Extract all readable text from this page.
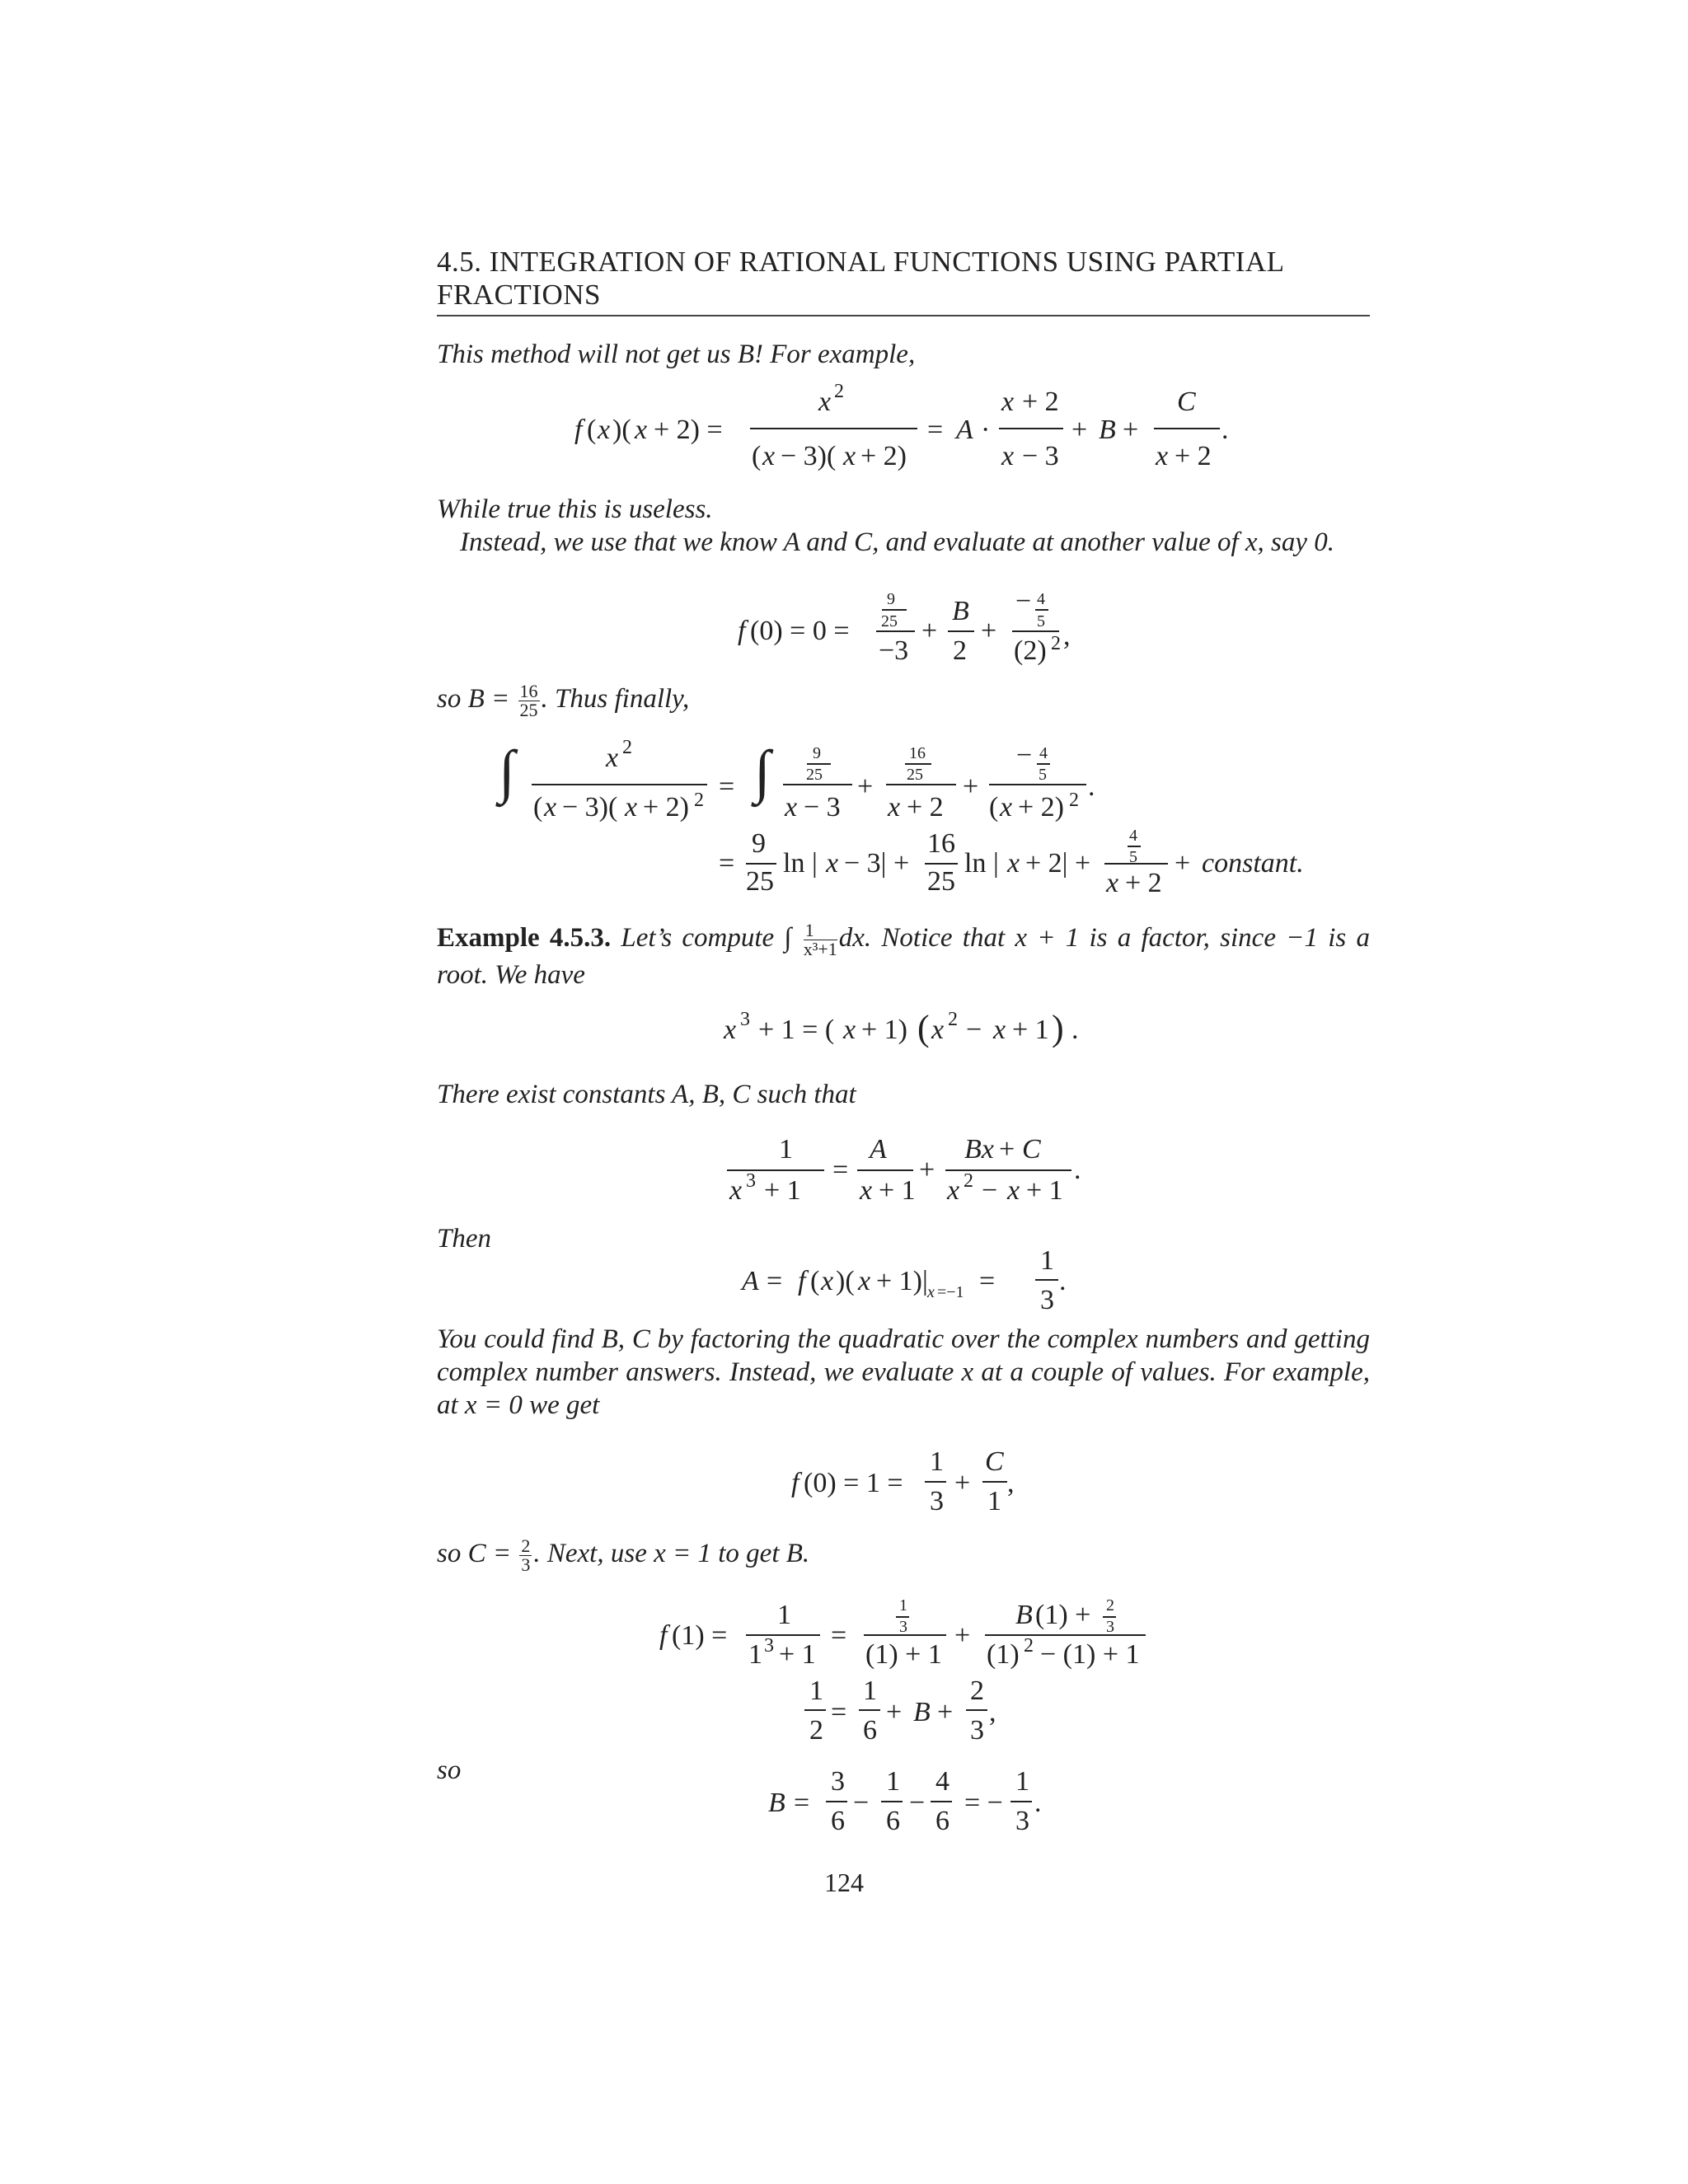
4.5. INTEGRATION OF RATIONAL FUNCTIONS USING PARTIAL
FRACTIONS
This method will not get us B! For example,
While true this is useless.
Instead, we use that we know A and C, and evaluate at another value of x, say 0.
so $B = \frac{16}{25}$ . Thus finally,
Example 4.5.3. Let’s compute ∫ $\frac{1}{\text{x³+1}}$ dx. Notice that x + 1 is a factor, since −1 is a root. We have
There exist constants A, B, C such that
Then
You could find B, C by factoring the quadratic over the complex numbers and getting complex number answers. Instead, we evaluate x at a couple of values. For example, at x = 0 we get
so $C = \frac{2}{3}$ . Next, use x = 1 to get B.
so
f ( x )( x + 2) =
x 2
( x − 3)( x + 2)
= A ·
x + 2
x − 3
+ B +
C
x + 2
.
f (0) = 0 =
9
25
−3
+
B
2
+
− 4
5
(2) 2 ,
∫	x 2
( x − 3)( x + 2) 2 = ∫	9
25
x − 3
+
16
25
x + 2
+
− 4
5
( x + 2) 2 .
=
9
25
ln | x − 3| +
16
25
ln | x + 2| +
4
5
x + 2
+ constant.
x 3 + 1 = ( x + 1) ( x 2 − x + 1 ) .
1
x 3 + 1
=
A
x + 1
+
Bx + C
x 2 − x + 1
.
A = f ( x )( x + 1)| x =−1 =
1
3
.
f (0) = 1 =
1
3
+
C
1
,
f (1) =
1
1 3 + 1
=
1
3
(1) + 1
+
B (1) + 2
3
(1) 2 − (1) + 1
1
2
=
1
6
+ B +
2
3
,
B =
3
6
−
1
6
−
4
6
= −
1
3
.
124
